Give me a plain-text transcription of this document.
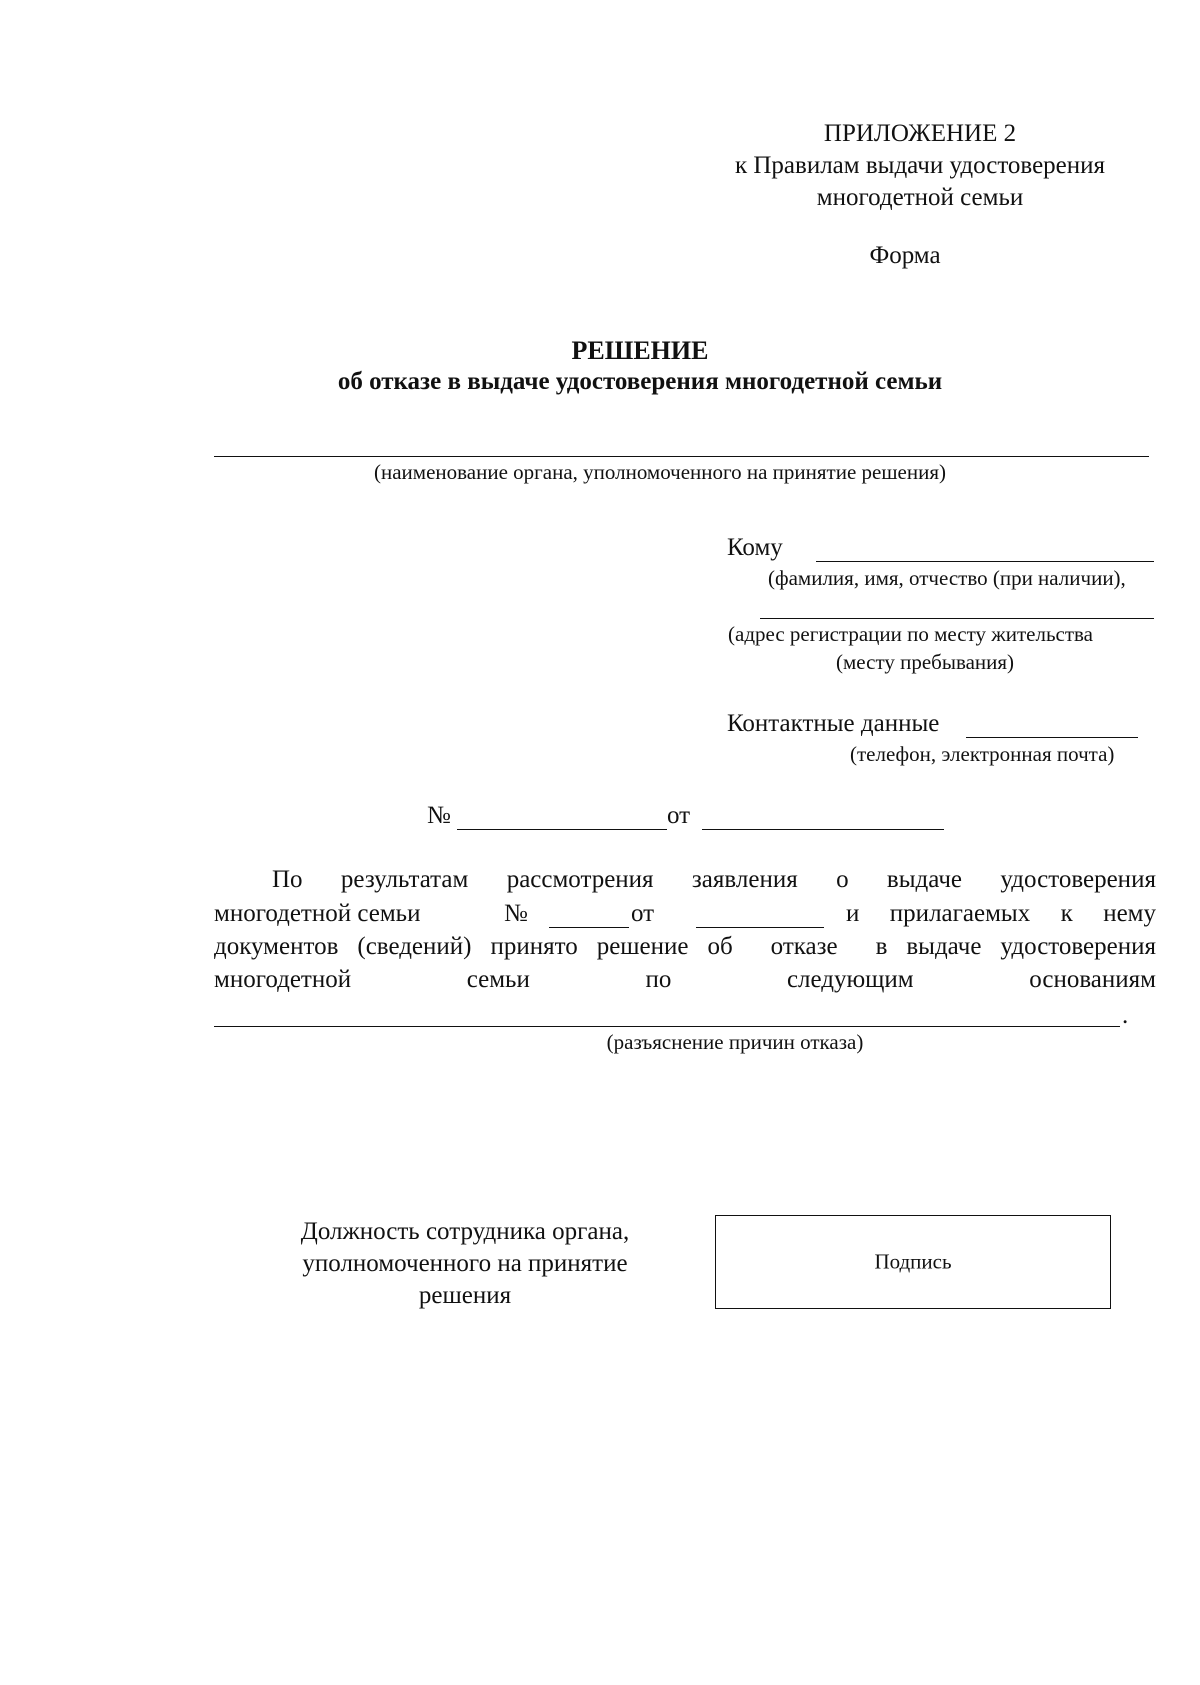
ПРИЛОЖЕНИЕ 2
к Правилам выдачи удостоверения
многодетной семьи
Форма
РЕШЕНИЕ
об отказе в выдаче удостоверения многодетной семьи
(наименование органа, уполномоченного на принятие решения)
Кому
(фамилия, имя, отчество (при наличии),
(адрес регистрации по месту жительства
(месту пребывания)
Контактные данные
(телефон, электронная почта)
№	от
По результатам рассмотрения заявления о выдаче удостоверения
многодетной семьи	№	от	и прилагаемых к нему
документов (сведений) принято решение об  отказе  в выдаче удостоверения
многодетной	семьи	по	следующим	основаниям
.
(разъяснение причин отказа)
Должность сотрудника органа,
уполномоченного на принятие
решения
Подпись
